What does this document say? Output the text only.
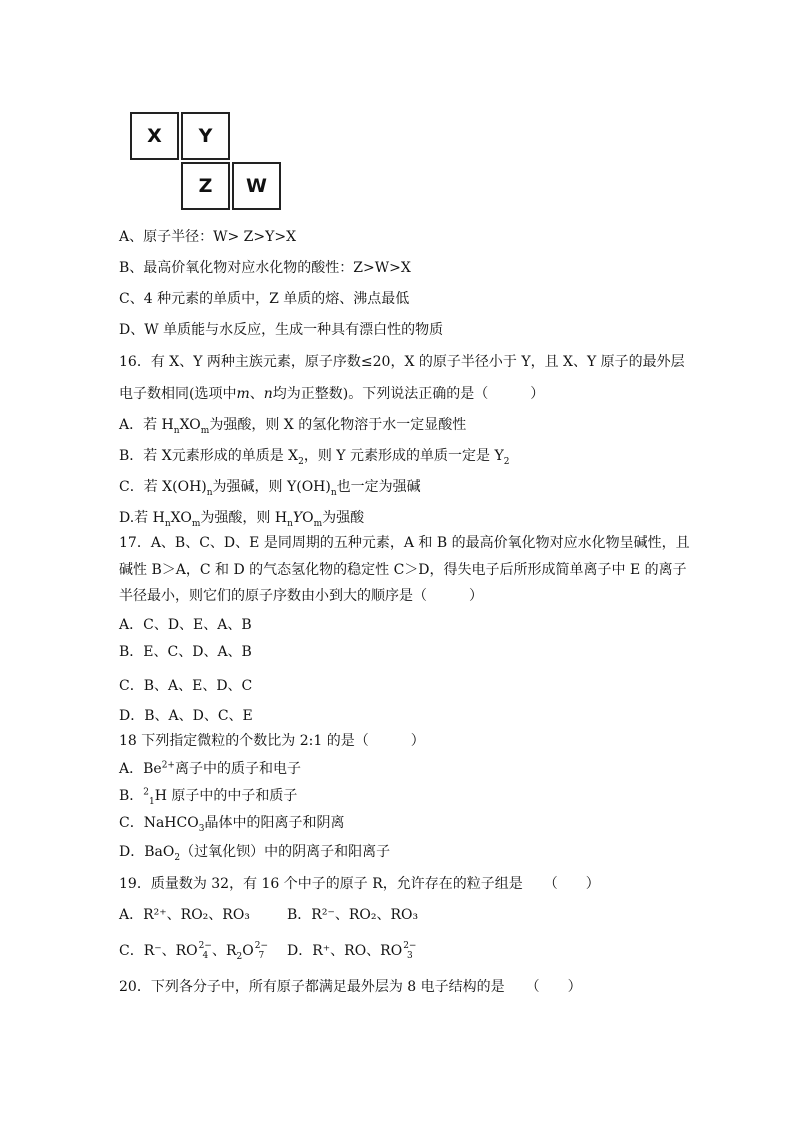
X	Y
Z	W
A、原子半径：W> Z>Y>X
B、最高价氧化物对应水化物的酸性：Z>W>X
C、4 种元素的单质中，Z 单质的熔、沸点最低
D、W 单质能与水反应，生成一种具有漂白性的物质
16．有 X、Y 两种主族元素，原子序数≤20，X 的原子半径小于 Y，且 X、Y 原子的最外层
电子数相同(选项中m、n均为正整数)。下列说法正确的是（　　　）
A．若 $H_nXO_m$为强酸，则 X 的氢化物溶于水一定显酸性
B．若 X元素形成的单质是 $X_2$，则 Y 元素形成的单质一定是 $Y_2$
C．若 $X(OH)_n$为强碱，则 $Y(OH)_n$也一定为强碱
D.若 $H_nXO_m$为强酸，则 $H_nYO_m$为强酸
17．A、B、C、D、E 是同周期的五种元素，A 和 B 的最高价氧化物对应水化物呈碱性，且
碱性 B＞A，C 和 D 的气态氢化物的稳定性 C＞D，得失电子后所形成简单离子中 E 的离子
半径最小，则它们的原子序数由小到大的顺序是（　　　）
A．C、D、E、A、B
B．E、C、D、A、B
C．B、A、E、D、C
D．B、A、D、C、E
18 下列指定微粒的个数比为 2:1 的是（　　　）
A．$Be^{2+}$离子中的质子和电子
B．$^2_1$H 原子中的中子和质子
C．NaHCO$_3$晶体中的阳离子和阴离
D．BaO$_2$（过氧化钡）中的阴离子和阳离子
19．质量数为 32，有 16 个中子的原子 R，允许存在的粒子组是　　（　　）
A．R²⁺、RO₂、RO₃	B．R²⁻、RO₂、RO₃
C．R⁻、RO 2−
4 、$R_2O$ 2−
7 D．R⁺、RO、RO 2−
3
20．下列各分子中，所有原子都满足最外层为 8 电子结构的是　　（　　）
